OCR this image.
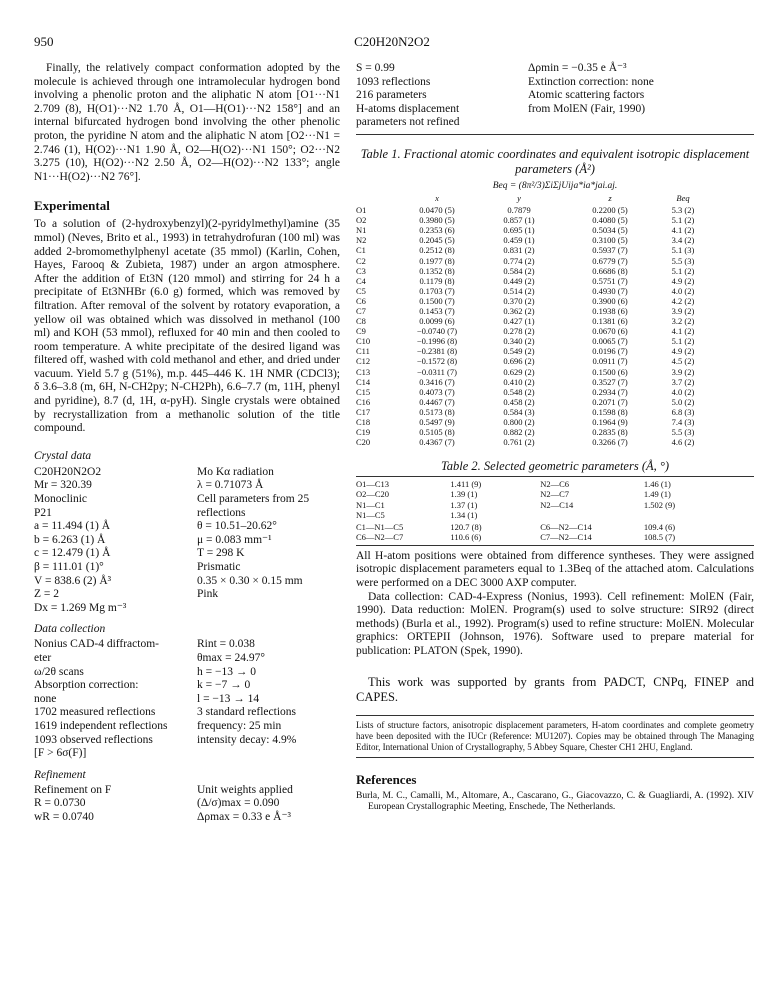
950	C20H20N2O2

Finally, the relatively compact conformation adopted by the molecule is achieved through one intramolecular hydrogen bond involving a phenolic proton and the aliphatic N atom [O1···N1 2.709 (8), H(O1)···N2 1.70 Å, O1—H(O1)···N2 158°] and an internal bifurcated hydrogen bond involving the other phenolic proton, the pyridine N atom and the aliphatic N atom [O2···N1 = 2.746 (1), H(O2)···N1 1.90 Å, O2—H(O2)···N1 150°; O2···N2 3.275 (10), H(O2)···N2 2.50 Å, O2—H(O2)···N2 133°; angle N1···H(O2)···N2 76°].

Experimental

To a solution of (2-hydroxybenzyl)(2-pyridylmethyl)amine (35 mmol) (Neves, Brito et al., 1993) in tetrahydrofuran (100 ml) was added 2-bromomethylphenyl acetate (35 mmol) (Karlin, Cohen, Hayes, Farooq & Zubieta, 1987) under an argon atmosphere. After the addition of Et3N (120 mmol) and stirring for 24 h a precipitate of Et3NHBr (6.0 g) formed, which was removed by filtration. After removal of the solvent by rotatory evaporation, a yellow oil was obtained which was dissolved in methanol (100 ml) and KOH (53 mmol), refluxed for 40 min and then cooled to room temperature. A white precipitate of the desired ligand was filtered off, washed with cold methanol and ether, and dried under vacuum. Yield 5.7 g (51%), m.p. 445–446 K. 1H NMR (CDCl3); δ 3.6–3.8 (m, 6H, N-CH2py; N-CH2Ph), 6.6–7.7 (m, 11H, phenyl and pyridine), 8.7 (d, 1H, α-pyH). Single crystals were obtained by recrystallization from a methanolic solution of the title compound.

Crystal data
C20H20N2O2	Mo Kα radiation
Mr = 320.39	λ = 0.71073 Å
Monoclinic	Cell parameters from 25
P21	reflections
a = 11.494 (1) Å	θ = 10.51–20.62°
b = 6.263 (1) Å	μ = 0.083 mm⁻¹
c = 12.479 (1) Å	T = 298 K
β = 111.01 (1)°	Prismatic
V = 838.6 (2) Å³	0.35 × 0.30 × 0.15 mm
Z = 2	Pink
Dx = 1.269 Mg m⁻³
Data collection
Nonius CAD-4 diffractom-	Rint = 0.038
eter	θmax = 24.97°
ω/2θ scans	h = −13 → 0
Absorption correction:	k = −7 → 0
none	l = −13 → 14
1702 measured reflections	3 standard reflections
1619 independent reflections	frequency: 25 min
1093 observed reflections	intensity decay: 4.9%
[F > 6σ(F)]
Refinement
Refinement on F	Unit weights applied
R = 0.0730	(Δ/σ)max = 0.090
wR = 0.0740	Δρmax = 0.33 e Å⁻³
S = 0.99	Δρmin = −0.35 e Å⁻³
1093 reflections	Extinction correction: none
216 parameters	Atomic scattering factors
H-atoms displacement	from MolEN (Fair, 1990)
parameters not refined
Table 1. Fractional atomic coordinates and equivalent isotropic displacement parameters (Å²)
Beq = (8π²/3)ΣiΣjUija*ia*jai.aj.
	x	y	z	Beq
O1	0.0470 (5)	0.7879	0.2200 (5)	5.3 (2)
O2	0.3980 (5)	0.857 (1)	0.4080 (5)	5.1 (2)
N1	0.2353 (6)	0.695 (1)	0.5034 (5)	4.1 (2)
N2	0.2045 (5)	0.459 (1)	0.3100 (5)	3.4 (2)
C1	0.2512 (8)	0.831 (2)	0.5937 (7)	5.1 (3)
C2	0.1977 (8)	0.774 (2)	0.6779 (7)	5.5 (3)
C3	0.1352 (8)	0.584 (2)	0.6686 (8)	5.1 (2)
C4	0.1179 (8)	0.449 (2)	0.5751 (7)	4.9 (2)
C5	0.1703 (7)	0.514 (2)	0.4930 (7)	4.0 (2)
C6	0.1500 (7)	0.370 (2)	0.3900 (6)	4.2 (2)
C7	0.1453 (7)	0.362 (2)	0.1938 (6)	3.9 (2)
C8	0.0099 (6)	0.427 (1)	0.1381 (6)	3.2 (2)
C9	−0.0740 (7)	0.278 (2)	0.0670 (6)	4.1 (2)
C10	−0.1996 (8)	0.340 (2)	0.0065 (7)	5.1 (2)
C11	−0.2381 (8)	0.549 (2)	0.0196 (7)	4.9 (2)
C12	−0.1572 (8)	0.696 (2)	0.0911 (7)	4.5 (2)
C13	−0.0311 (7)	0.629 (2)	0.1500 (6)	3.9 (2)
C14	0.3416 (7)	0.410 (2)	0.3527 (7)	3.7 (2)
C15	0.4073 (7)	0.548 (2)	0.2934 (7)	4.0 (2)
C16	0.4467 (7)	0.458 (2)	0.2071 (7)	5.0 (2)
C17	0.5173 (8)	0.584 (3)	0.1598 (8)	6.8 (3)
C18	0.5497 (9)	0.800 (2)	0.1964 (9)	7.4 (3)
C19	0.5105 (8)	0.882 (2)	0.2835 (8)	5.5 (3)
C20	0.4367 (7)	0.761 (2)	0.3266 (7)	4.6 (2)
Table 2. Selected geometric parameters (Å, °)
O1—C13	1.411 (9)	N2—C6	1.46 (1)
O2—C20	1.39 (1)	N2—C7	1.49 (1)
N1—C1	1.37 (1)	N2—C14	1.502 (9)
N1—C5	1.34 (1)		
C1—N1—C5	120.7 (8)	C6—N2—C14	109.4 (6)
C6—N2—C7	110.6 (6)	C7—N2—C14	108.5 (7)

All H-atom positions were obtained from difference syntheses. They were assigned isotropic displacement parameters equal to 1.3Beq of the attached atom. Calculations were performed on a DEC 3000 AXP computer.

Data collection: CAD-4-Express (Nonius, 1993). Cell refinement: MolEN (Fair, 1990). Data reduction: MolEN. Program(s) used to solve structure: SIR92 (direct methods) (Burla et al., 1992). Program(s) used to refine structure: MolEN. Molecular graphics: ORTEPII (Johnson, 1976). Software used to prepare material for publication: PLATON (Spek, 1990).

This work was supported by grants from PADCT, CNPq, FINEP and CAPES.

Lists of structure factors, anisotropic displacement parameters, H-atom coordinates and complete geometry have been deposited with the IUCr (Reference: MU1207). Copies may be obtained through The Managing Editor, International Union of Crystallography, 5 Abbey Square, Chester CH1 2HU, England.

References

Burla, M. C., Camalli, M., Altomare, A., Cascarano, G., Giacovazzo, C. & Guagliardi, A. (1992). XIV European Crystallographic Meeting, Enschede, The Netherlands.
